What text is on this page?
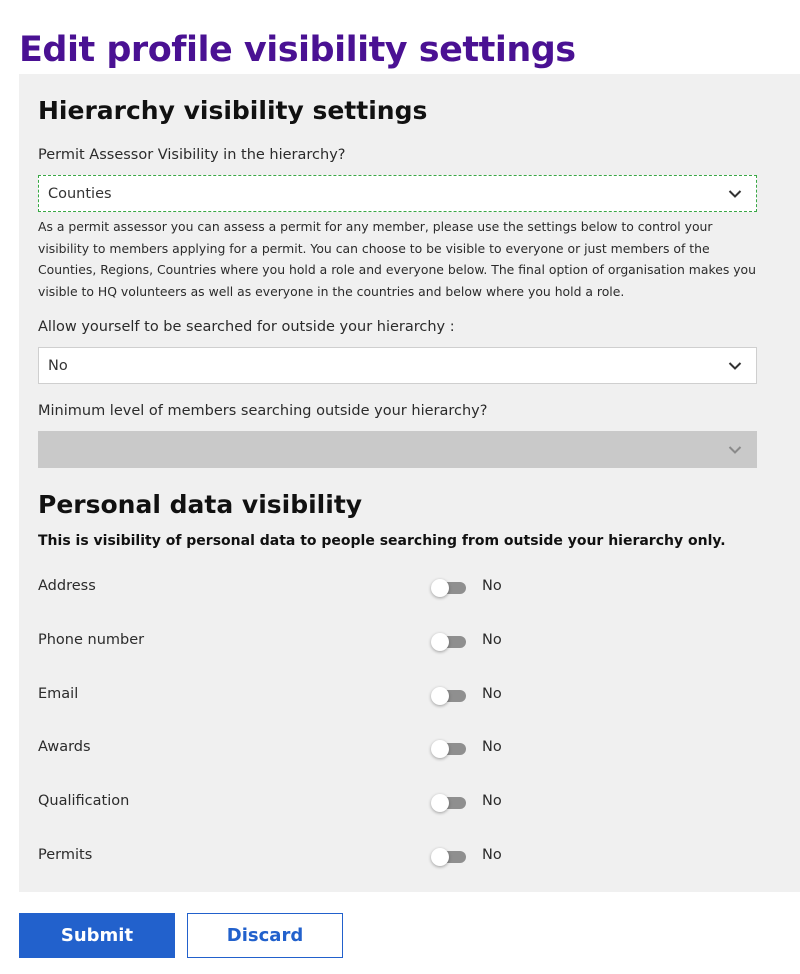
Edit profile visibility settings
Hierarchy visibility settings
Permit Assessor Visibility in the hierarchy?
Counties

As a permit assessor you can assess a permit for any member, please use the settings below to control your visibility to members applying for a permit. You can choose to be visible to everyone or just members of the Counties, Regions, Countries where you hold a role and everyone below. The final option of organisation makes you visible to HQ volunteers as well as everyone in the countries and below where you hold a role.

Allow yourself to be searched for outside your hierarchy :
No
Minimum level of members searching outside your hierarchy?
Personal data visibility
This is visibility of personal data to people searching from outside your hierarchy only.
Address	No
Phone number	No
Email	No
Awards	No
Qualification	No
Permits	No
Submit	Discard
